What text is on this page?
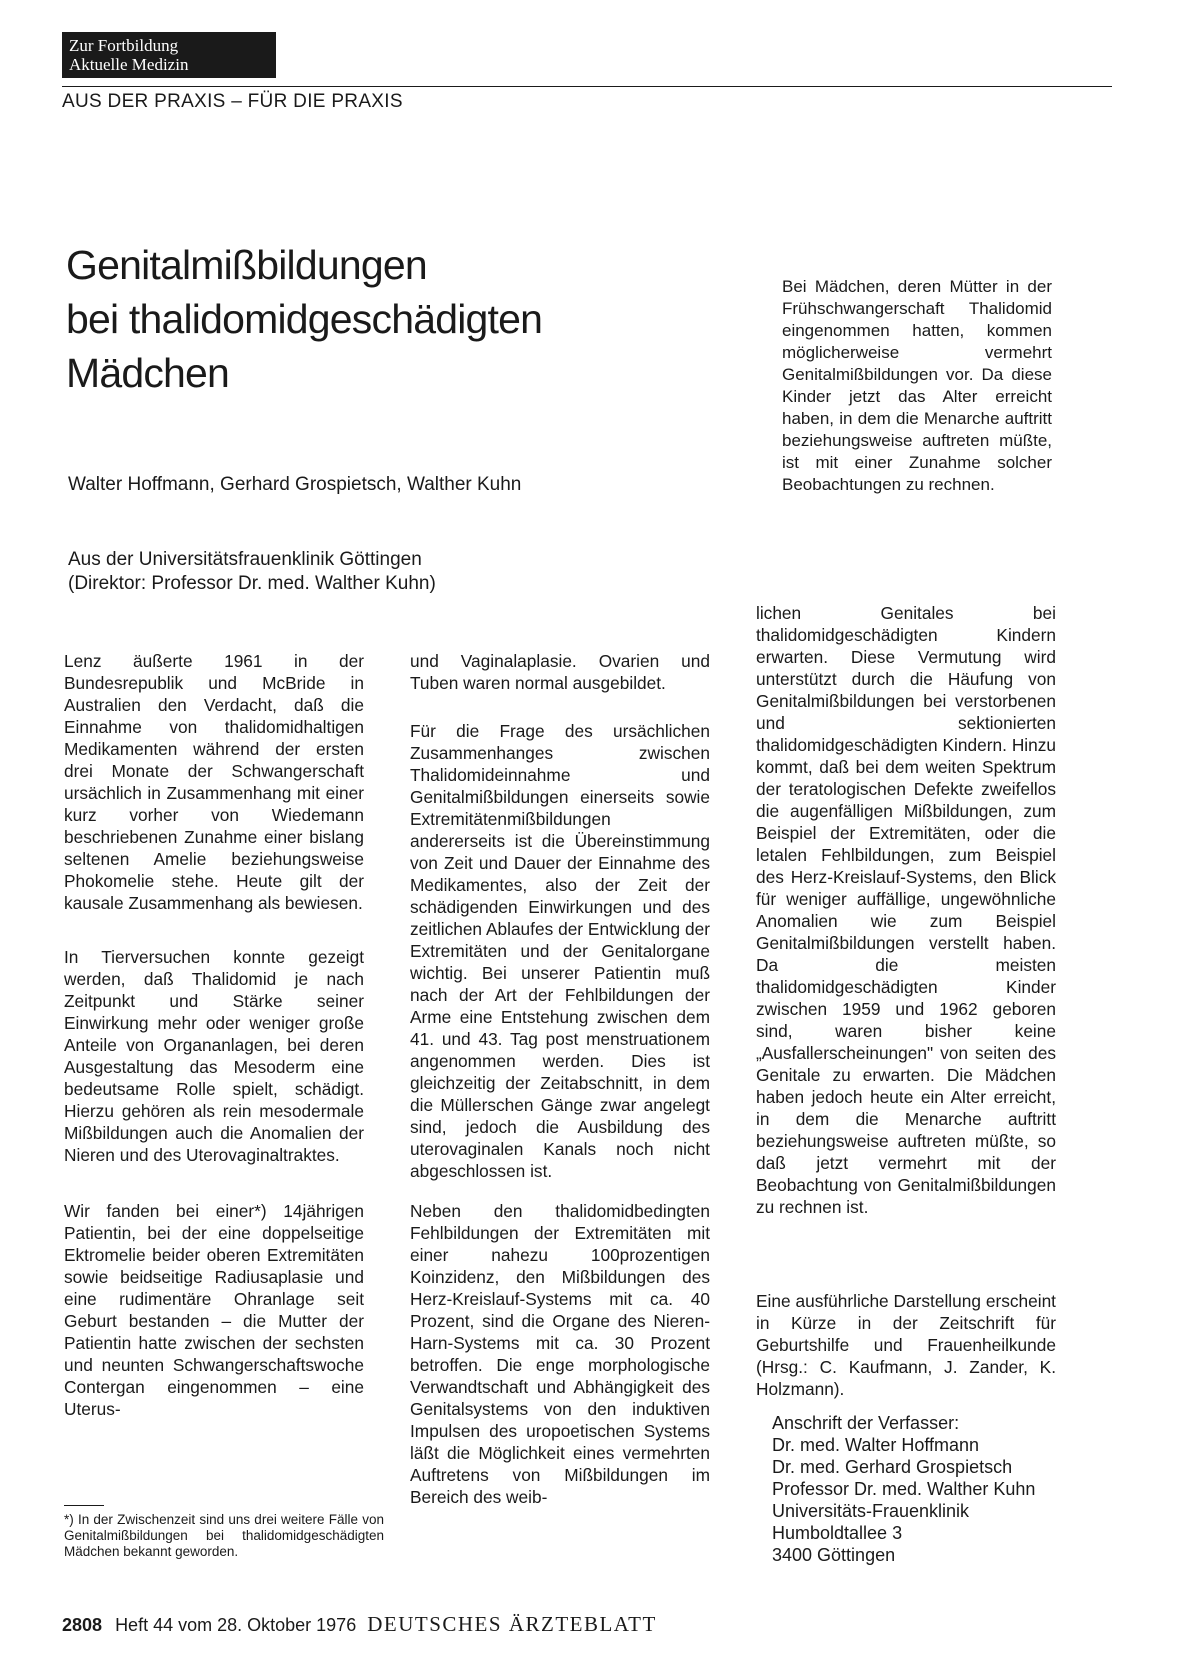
Zur Fortbildung
Aktuelle Medizin
AUS DER PRAXIS – FÜR DIE PRAXIS
Genitalmißbildungen
bei thalidomidgeschädigten
Mädchen
Walter Hoffmann, Gerhard Grospietsch, Walther Kuhn
Aus der Universitätsfrauenklinik Göttingen
(Direktor: Professor Dr. med. Walther Kuhn)
Bei Mädchen, deren Mütter in der Frühschwangerschaft Thalidomid eingenommen hatten, kommen möglicherweise vermehrt Genitalmißbildungen vor. Da diese Kinder jetzt das Alter erreicht haben, in dem die Menarche auftritt beziehungsweise auftreten müßte, ist mit einer Zunahme solcher Beobachtungen zu rechnen.

Lenz äußerte 1961 in der Bundesrepublik und McBride in Australien den Verdacht, daß die Einnahme von thalidomidhaltigen Medikamenten während der ersten drei Monate der Schwangerschaft ursächlich in Zusammenhang mit einer kurz vorher von Wiedemann beschriebenen Zunahme einer bislang seltenen Amelie beziehungsweise Phokomelie stehe. Heute gilt der kausale Zusammenhang als bewiesen.

In Tierversuchen konnte gezeigt werden, daß Thalidomid je nach Zeitpunkt und Stärke seiner Einwirkung mehr oder weniger große Anteile von Organanlagen, bei deren Ausgestaltung das Mesoderm eine bedeutsame Rolle spielt, schädigt. Hierzu gehören als rein mesodermale Mißbildungen auch die Anomalien der Nieren und des Uterovaginaltraktes.

Wir fanden bei einer*) 14jährigen Patientin, bei der eine doppelseitige Ektromelie beider oberen Extremitäten sowie beidseitige Radiusaplasie und eine rudimentäre Ohranlage seit Geburt bestanden – die Mutter der Patientin hatte zwischen der sechsten und neunten Schwangerschaftswoche Contergan eingenommen – eine Uterus-

und Vaginalaplasie. Ovarien und Tuben waren normal ausgebildet.

Für die Frage des ursächlichen Zusammenhanges zwischen Thalidomideinnahme und Genitalmißbildungen einerseits sowie Extremitätenmißbildungen andererseits ist die Übereinstimmung von Zeit und Dauer der Einnahme des Medikamentes, also der Zeit der schädigenden Einwirkungen und des zeitlichen Ablaufes der Entwicklung der Extremitäten und der Genitalorgane wichtig. Bei unserer Patientin muß nach der Art der Fehlbildungen der Arme eine Entstehung zwischen dem 41. und 43. Tag post menstruationem angenommen werden. Dies ist gleichzeitig der Zeitabschnitt, in dem die Müllerschen Gänge zwar angelegt sind, jedoch die Ausbildung des uterovaginalen Kanals noch nicht abgeschlossen ist.

Neben den thalidomidbedingten Fehlbildungen der Extremitäten mit einer nahezu 100prozentigen Koinzidenz, den Mißbildungen des Herz-Kreislauf-Systems mit ca. 40 Prozent, sind die Organe des Nieren-Harn-Systems mit ca. 30 Prozent betroffen. Die enge morphologische Verwandtschaft und Abhängigkeit des Genitalsystems von den induktiven Impulsen des uropoetischen Systems läßt die Möglichkeit eines vermehrten Auftretens von Mißbildungen im Bereich des weib-

lichen Genitales bei thalidomidgeschädigten Kindern erwarten. Diese Vermutung wird unterstützt durch die Häufung von Genitalmißbildungen bei verstorbenen und sektionierten thalidomidgeschädigten Kindern. Hinzu kommt, daß bei dem weiten Spektrum der teratologischen Defekte zweifellos die augenfälligen Mißbildungen, zum Beispiel der Extremitäten, oder die letalen Fehlbildungen, zum Beispiel des Herz-Kreislauf-Systems, den Blick für weniger auffällige, ungewöhnliche Anomalien wie zum Beispiel Genitalmißbildungen verstellt haben. Da die meisten thalidomidgeschädigten Kinder zwischen 1959 und 1962 geboren sind, waren bisher keine „Ausfallerscheinungen" von seiten des Genitale zu erwarten. Die Mädchen haben jedoch heute ein Alter erreicht, in dem die Menarche auftritt beziehungsweise auftreten müßte, so daß jetzt vermehrt mit der Beobachtung von Genitalmißbildungen zu rechnen ist.

Eine ausführliche Darstellung erscheint in Kürze in der Zeitschrift für Geburtshilfe und Frauenheilkunde (Hrsg.: C. Kaufmann, J. Zander, K. Holzmann).

*) In der Zwischenzeit sind uns drei weitere Fälle von Genitalmißbildungen bei thalidomidgeschädigten Mädchen bekannt geworden.
Anschrift der Verfasser:
Dr. med. Walter Hoffmann
Dr. med. Gerhard Grospietsch
Professor Dr. med. Walther Kuhn
Universitäts-Frauenklinik
Humboldtallee 3
3400 Göttingen
2808 Heft 44 vom 28. Oktober 1976 DEUTSCHES ÄRZTEBLATT
